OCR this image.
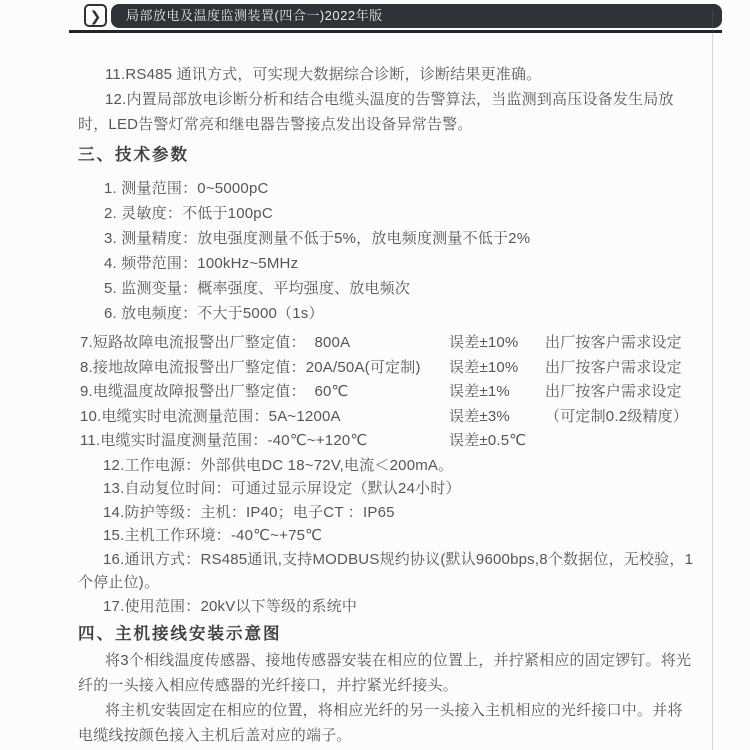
❯	局部放电及温度监测装置(四合一)2022年版

11.RS485 通讯方式，可实现大数据综合诊断，诊断结果更准确。

12.内置局部放电诊断分析和结合电缆头温度的告警算法，当监测到高压设备发生局放时，LED告警灯常亮和继电器告警接点发出设备异常告警。

三、技术参数
1. 测量范围：0~5000pC
2. 灵敏度：不低于100pC
3. 测量精度：放电强度测量不低于5%，放电频度测量不低于2%
4. 频带范围：100kHz~5MHz
5. 监测变量：概率强度、平均强度、放电频次
6. 放电频度：不大于5000（1s）
7.短路故障电流报警出厂整定值：  800A	误差±10%	出厂按客户需求设定
8.接地故障电流报警出厂整定值：20A/50A(可定制)	误差±10%	出厂按客户需求设定
9.电缆温度故障报警出厂整定值：  60℃	误差±1%	出厂按客户需求设定
10.电缆实时电流测量范围：5A~1200A	误差±3%	（可定制0.2级精度）
11.电缆实时温度测量范围：-40℃~+120℃	误差±0.5℃
12.工作电源：外部供电DC 18~72V,电流＜200mA。
13.自动复位时间：可通过显示屏设定（默认24小时）
14.防护等级：主机：IP40；电子CT ：IP65
15.主机工作环境：-40℃~+75℃

16.通讯方式：RS485通讯,支持MODBUS规约协议(默认9600bps,8个数据位，无校验，1个停止位)。

17.使用范围：20kV以下等级的系统中
四、主机接线安装示意图

将3个相线温度传感器、接地传感器安装在相应的位置上，并拧紧相应的固定锣钉。将光纤的一头接入相应传感器的光纤接口，并拧紧光纤接头。

将主机安装固定在相应的位置，将相应光纤的另一头接入主机相应的光纤接口中。并将电缆线按颜色接入主机后盖对应的端子。
